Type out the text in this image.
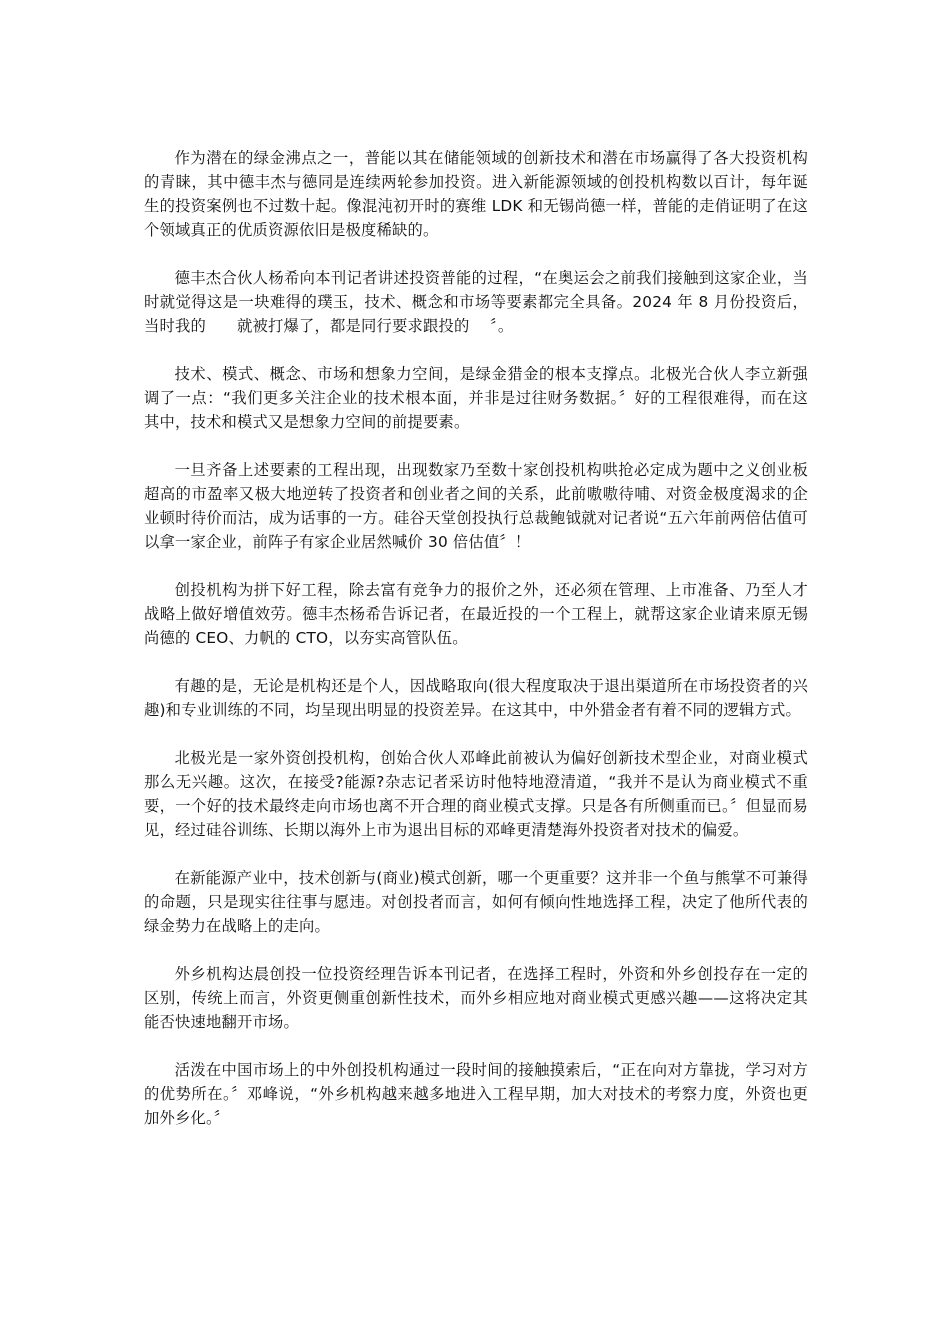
作为潜在的绿金沸点之一，普能以其在储能领域的创新技术和潜在市场赢得了各大投资机构的青睐，其中德丰杰与德同是连续两轮参加投资。进入新能源领域的创投机构数以百计，每年诞生的投资案例也不过数十起。像混沌初开时的赛维 LDK 和无锡尚德一样，普能的走俏证明了在这个领域真正的优质资源依旧是极度稀缺的。

德丰杰合伙人杨希向本刊记者讲述投资普能的过程，“在奥运会之前我们接触到这家企业，当时就觉得这是一块难得的璞玉，技术、概念和市场等要素都完全具备。2024 年 8 月份投资后，当时我的　　就被打爆了，都是同行要求跟投的　 〞。

技术、模式、概念、市场和想象力空间，是绿金猎金的根本支撑点。北极光合伙人李立新强调了一点：“我们更多关注企业的技术根本面，并非是过往财务数据。〞好的工程很难得，而在这其中，技术和模式又是想象力空间的前提要素。

一旦齐备上述要素的工程出现，出现数家乃至数十家创投机构哄抢必定成为题中之义创业板超高的市盈率又极大地逆转了投资者和创业者之间的关系，此前嗷嗷待哺、对资金极度渴求的企业顿时待价而沽，成为话事的一方。硅谷天堂创投执行总裁鲍钺就对记者说“五六年前两倍估值可以拿一家企业，前阵子有家企业居然喊价 30 倍估值〞！

创投机构为拼下好工程，除去富有竞争力的报价之外，还必须在管理、上市准备、乃至人才战略上做好增值效劳。德丰杰杨希告诉记者，在最近投的一个工程上，就帮这家企业请来原无锡尚德的 CEO、力帆的 CTO，以夯实高管队伍。

有趣的是，无论是机构还是个人，因战略取向(很大程度取决于退出渠道所在市场投资者的兴趣)和专业训练的不同，均呈现出明显的投资差异。在这其中，中外猎金者有着不同的逻辑方式。

北极光是一家外资创投机构，创始合伙人邓峰此前被认为偏好创新技术型企业，对商业模式那么无兴趣。这次，在接受?能源?杂志记者采访时他特地澄清道，“我并不是认为商业模式不重要，一个好的技术最终走向市场也离不开合理的商业模式支撑。只是各有所侧重而已。〞但显而易见，经过硅谷训练、长期以海外上市为退出目标的邓峰更清楚海外投资者对技术的偏爱。

在新能源产业中，技术创新与(商业)模式创新，哪一个更重要？这并非一个鱼与熊掌不可兼得的命题，只是现实往往事与愿违。对创投者而言，如何有倾向性地选择工程，决定了他所代表的绿金势力在战略上的走向。

外乡机构达晨创投一位投资经理告诉本刊记者，在选择工程时，外资和外乡创投存在一定的区别，传统上而言，外资更侧重创新性技术，而外乡相应地对商业模式更感兴趣——这将决定其能否快速地翻开市场。

活泼在中国市场上的中外创投机构通过一段时间的接触摸索后，“正在向对方靠拢，学习对方的优势所在。〞邓峰说，“外乡机构越来越多地进入工程早期，加大对技术的考察力度，外资也更加外乡化。〞
